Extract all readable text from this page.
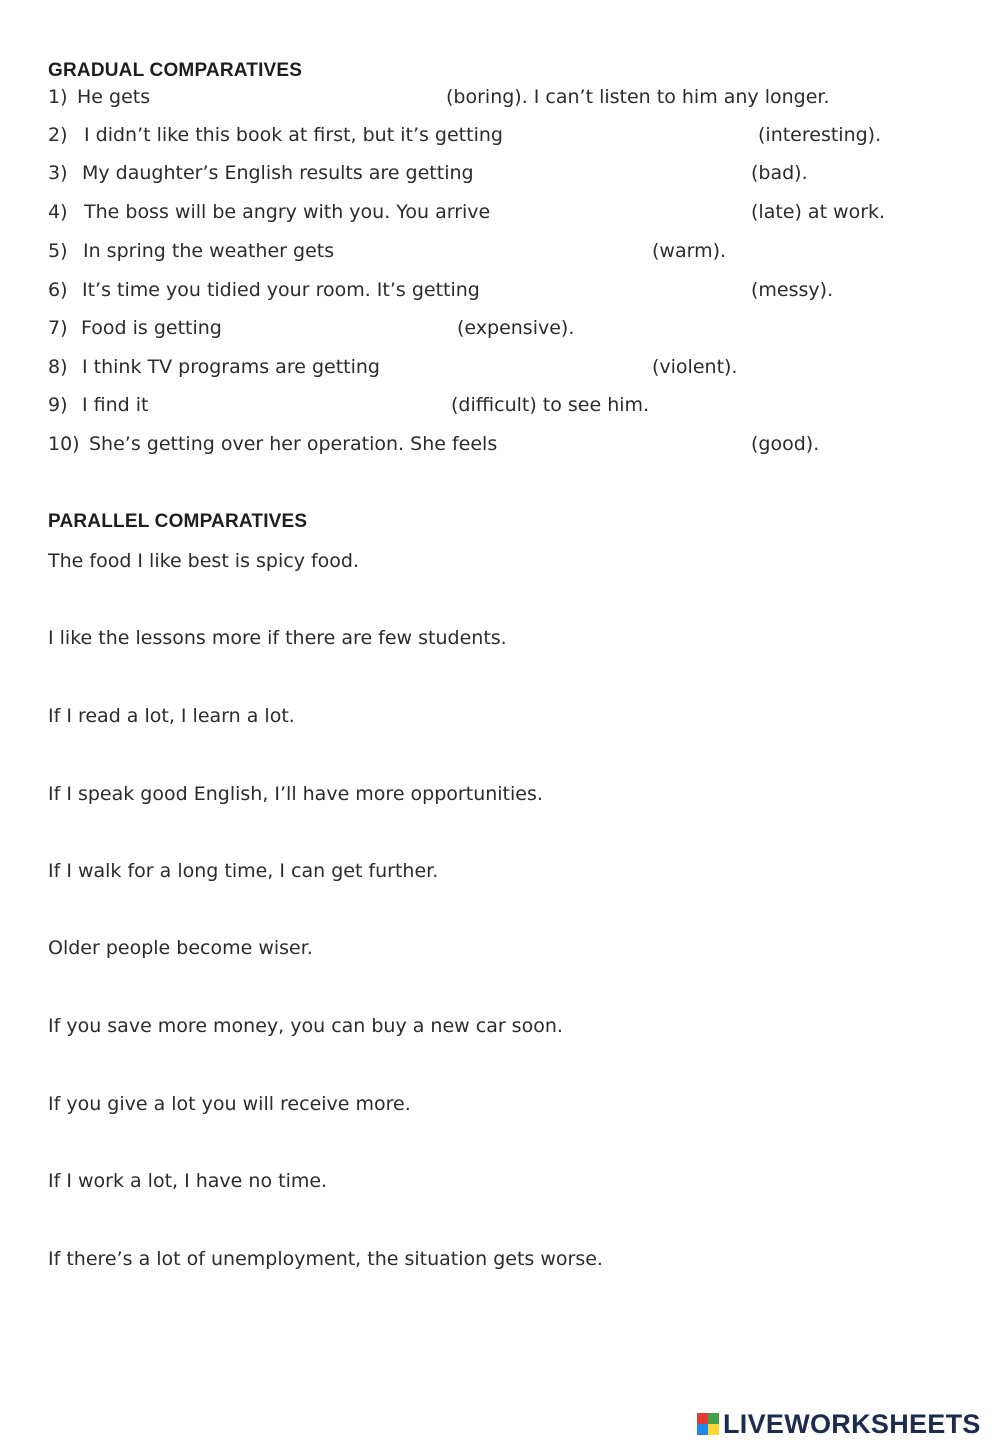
GRADUAL COMPARATIVES
1) He gets	(boring). I can’t listen to him any longer.
2) I didn’t like this book at first, but it’s getting	(interesting).
3) My daughter’s English results are getting	(bad).
4) The boss will be angry with you. You arrive	(late) at work.
5) In spring the weather gets	(warm).
6) It’s time you tidied your room. It’s getting	(messy).
7) Food is getting	(expensive).
8) I think TV programs are getting	(violent).
9) I find it	(difficult) to see him.
10) She’s getting over her operation. She feels	(good).
PARALLEL COMPARATIVES
The food I like best is spicy food.
I like the lessons more if there are few students.
If I read a lot, I learn a lot.
If I speak good English, I’ll have more opportunities.
If I walk for a long time, I can get further.
Older people become wiser.
If you save more money, you can buy a new car soon.
If you give a lot you will receive more.
If I work a lot, I have no time.
If there’s a lot of unemployment, the situation gets worse.
LIVEWORKSHEETS
